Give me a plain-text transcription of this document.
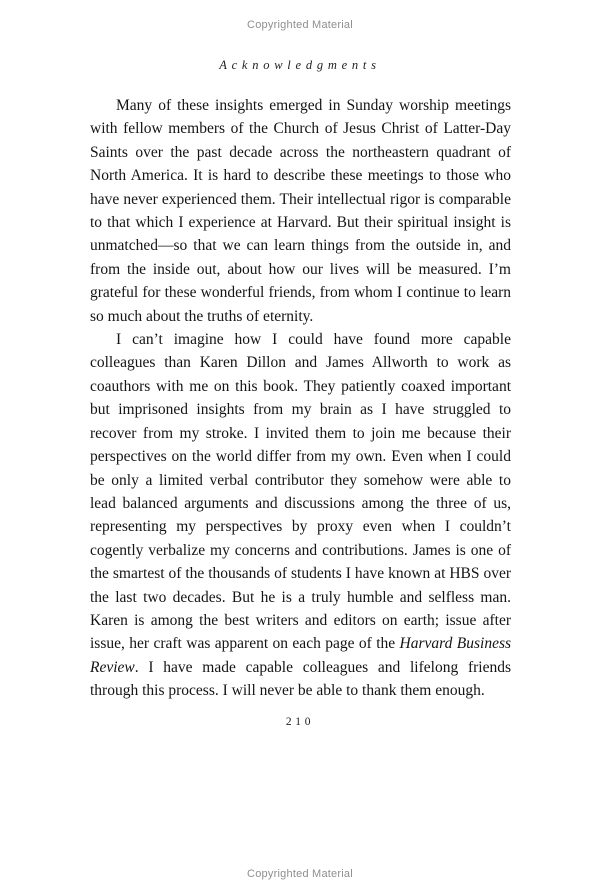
Copyrighted Material
Acknowledgments

Many of these insights emerged in Sunday worship meetings with fellow members of the Church of Jesus Christ of Latter-Day Saints over the past decade across the northeastern quadrant of North America. It is hard to describe these meetings to those who have never experienced them. Their intellectual rigor is comparable to that which I experience at Harvard. But their spiritual insight is unmatched—so that we can learn things from the outside in, and from the inside out, about how our lives will be measured. I’m grateful for these wonderful friends, from whom I continue to learn so much about the truths of eternity.

I can’t imagine how I could have found more capable colleagues than Karen Dillon and James Allworth to work as coauthors with me on this book. They patiently coaxed important but imprisoned insights from my brain as I have struggled to recover from my stroke. I invited them to join me because their perspectives on the world differ from my own. Even when I could be only a limited verbal contributor they somehow were able to lead balanced arguments and discussions among the three of us, representing my perspectives by proxy even when I couldn’t cogently verbalize my concerns and contributions. James is one of the smartest of the thousands of students I have known at HBS over the last two decades. But he is a truly humble and selfless man. Karen is among the best writers and editors on earth; issue after issue, her craft was apparent on each page of the Harvard Business Review. I have made capable colleagues and lifelong friends through this process. I will never be able to thank them enough.

210
Copyrighted Material
